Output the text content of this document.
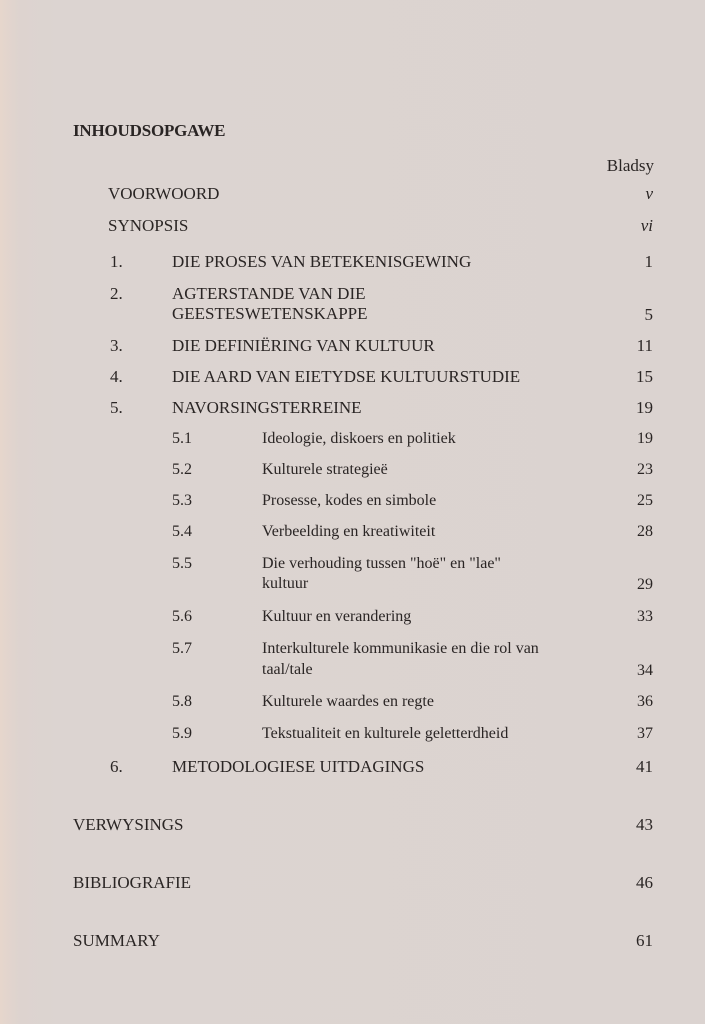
INHOUDSOPGAWE
Bladsy
VOORWOORD	v
SYNOPSIS	vi
1.	DIE PROSES VAN BETEKENISGEWING	1
2.	AGTERSTANDE VAN DIE
GEESTESWETENSKAPPE	5
3.	DIE DEFINIËRING VAN KULTUUR	11
4.	DIE AARD VAN EIETYDSE KULTUURSTUDIE	15
5.	NAVORSINGSTERREINE	19
5.1	Ideologie, diskoers en politiek	19
5.2	Kulturele strategieë	23
5.3	Prosesse, kodes en simbole	25
5.4	Verbeelding en kreatiwiteit	28
5.5	Die verhouding tussen "hoë" en "lae"
kultuur	29
5.6	Kultuur en verandering	33
5.7	Interkulturele kommunikasie en die rol van
taal/tale	34
5.8	Kulturele waardes en regte	36
5.9	Tekstualiteit en kulturele geletterdheid	37
6.	METODOLOGIESE UITDAGINGS	41
VERWYSINGS	43
BIBLIOGRAFIE	46
SUMMARY	61
